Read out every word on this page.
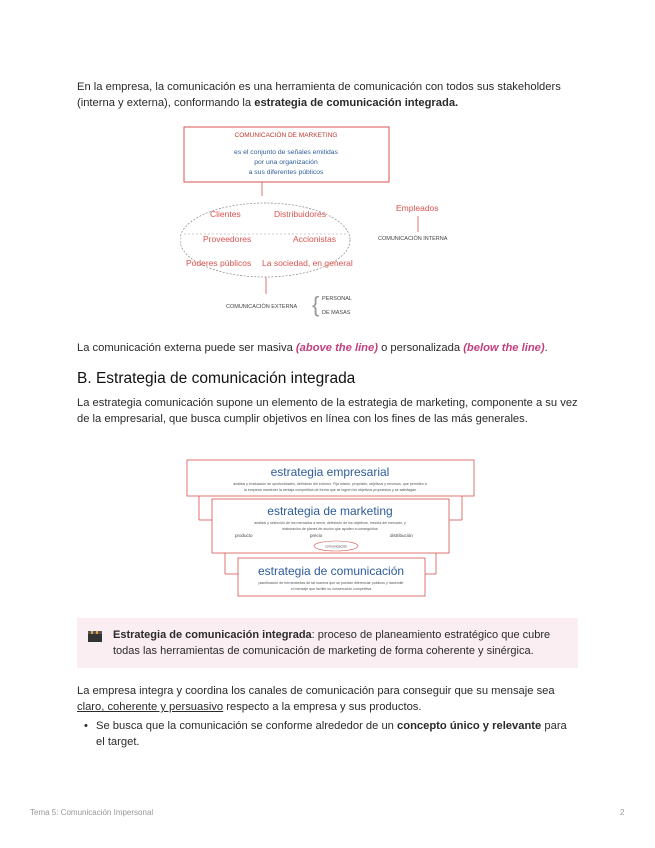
En la empresa, la comunicación es una herramienta de comunicación con todos sus stakeholders (interna y externa), conformando la estrategia de comunicación integrada.

COMUNICACIÓN DE MARKETING
es el conjunto de señales emitidas
por una organización
a sus diferentes públicos
Clientes	Distribuidores
Proveedores	Accionistas
Poderes públicos La sociedad, en general
COMUNICACIÓN EXTERNA { PERSONAL
DE MASAS
Empleados
COMUNICACIÓN INTERNA

La comunicación externa puede ser masiva (above the line) o personalizada (below the line).

B. Estrategia de comunicación integrada

La estrategia comunicación supone un elemento de la estrategia de marketing, componente a su vez de la empresarial, que busca cumplir objetivos en línea con los fines de las más generales.

estrategia empresarial
análisis y evaluación de oportunidades, definición del entorno. Fija misión, propósito, objetivos y recursos, que permiten a
la empresa mantener la ventaja competitiva de forma que se logren los objetivos propuestos y se satisfagan
estrategia de marketing
análisis y selección de los mercados a servir, definición de los objetivos, mezcla del mercado, y
elaboración de planes de acción que ayuden a conseguirlos
producto	precio	distribución
comunicación
estrategia de comunicación
planificación de herramientas de tal manera que se puedan diferenciar públicos y transmitir
el mensaje que facilite su consecución competitiva
Estrategia de comunicación integrada: proceso de planeamiento estratégico que cubre todas las herramientas de comunicación de marketing de forma coherente y sinérgica.

La empresa integra y coordina los canales de comunicación para conseguir que su mensaje sea claro, coherente y persuasivo respecto a la empresa y sus productos.

• Se busca que la comunicación se conforme alrededor de un concepto único y relevante para el target.
Tema 5: Comunicación Impersonal	2
